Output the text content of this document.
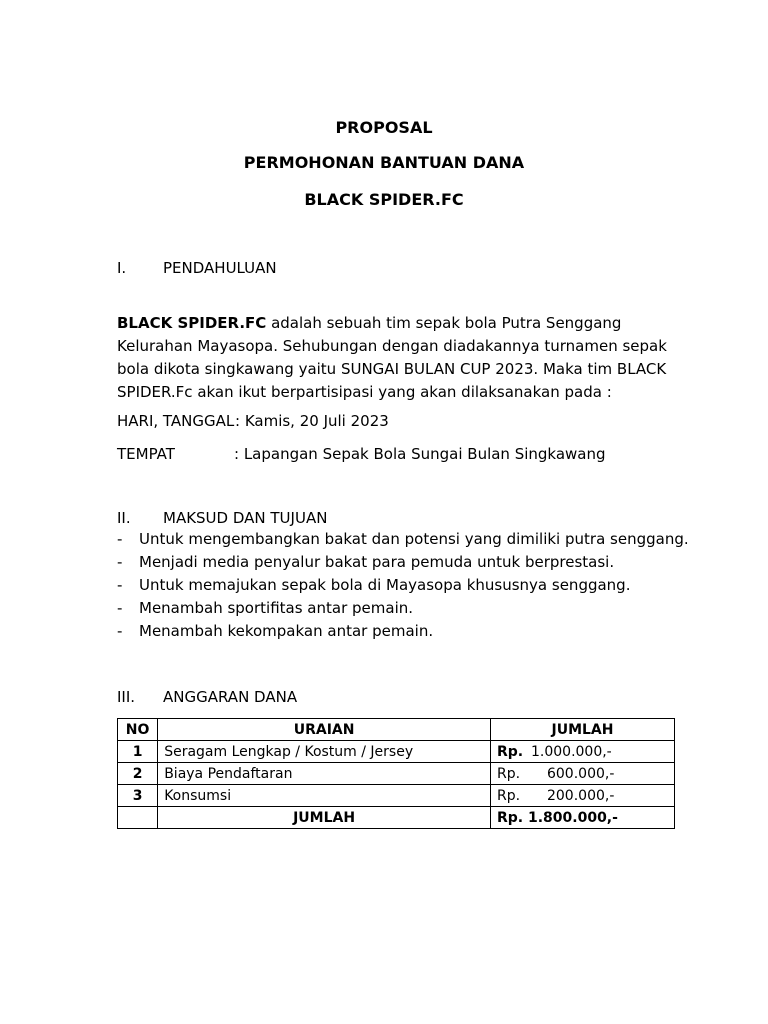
PROPOSAL
PERMOHONAN BANTUAN DANA
BLACK SPIDER.FC
I. PENDAHULUAN
BLACK SPIDER.FC adalah sebuah tim sepak bola Putra Senggang Kelurahan Mayasopa. Sehubungan dengan diadakannya turnamen sepak bola dikota singkawang yaitu SUNGAI BULAN CUP 2023. Maka tim BLACK SPIDER.Fc akan ikut berpartisipasi yang akan dilaksanakan pada :
HARI, TANGGAL : Kamis, 20 Juli 2023
TEMPAT	: Lapangan Sepak Bola Sungai Bulan Singkawang
II. MAKSUD DAN TUJUAN
- Untuk mengembangkan bakat dan potensi yang dimiliki putra senggang.
- Menjadi media penyalur bakat para pemuda untuk berprestasi.
- Untuk memajukan sepak bola di Mayasopa khususnya senggang.
- Menambah sportifitas antar pemain.
- Menambah kekompakan antar pemain.
III. ANGGARAN DANA
NO	URAIAN	JUMLAH
1	Seragam Lengkap / Kostum / Jersey	Rp. 1.000.000,-
2	Biaya Pendaftaran	Rp. 600.000,-
3	Konsumsi	Rp. 200.000,-
	JUMLAH	Rp. 1.800.000,-
